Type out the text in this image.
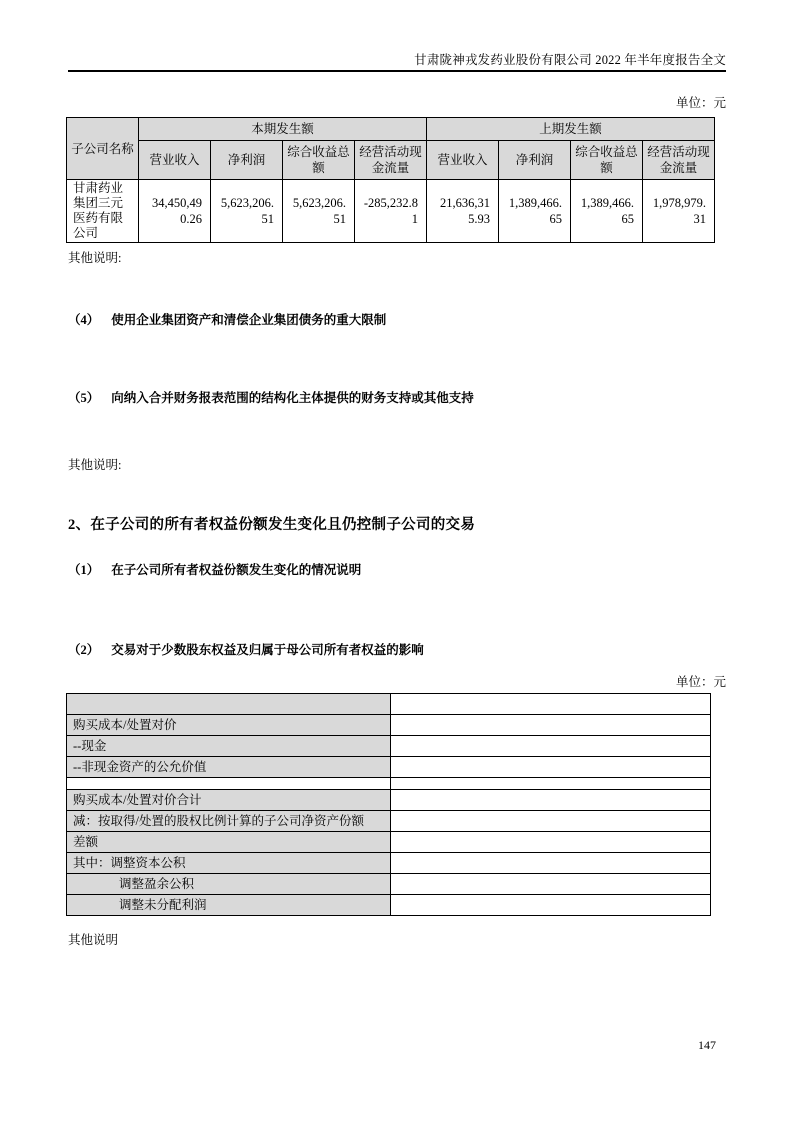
甘肃陇神戎发药业股份有限公司 2022 年半年度报告全文
单位：元
子公司名称	本期发生额				上期发生额			
	营业收入	净利润	综合收益总额	经营活动现金流量	营业收入	净利润	综合收益总额	经营活动现金流量
甘肃药业集团三元医药有限公司	34,450,490.26	5,623,206.51	5,623,206.51	-285,232.81	21,636,315.93	1,389,466.65	1,389,466.65	1,978,979.31
其他说明:
（4） 使用企业集团资产和清偿企业集团债务的重大限制
（5） 向纳入合并财务报表范围的结构化主体提供的财务支持或其他支持
其他说明:
2、在子公司的所有者权益份额发生变化且仍控制子公司的交易
（1） 在子公司所有者权益份额发生变化的情况说明
（2） 交易对于少数股东权益及归属于母公司所有者权益的影响
单位：元

购买成本/处置对价	
--现金	
--非现金资产的公允价值	

购买成本/处置对价合计	
减：按取得/处置的股权比例计算的子公司净资产份额	
差额	
其中：调整资本公积	
调整盈余公积	
调整未分配利润	
其他说明
147
